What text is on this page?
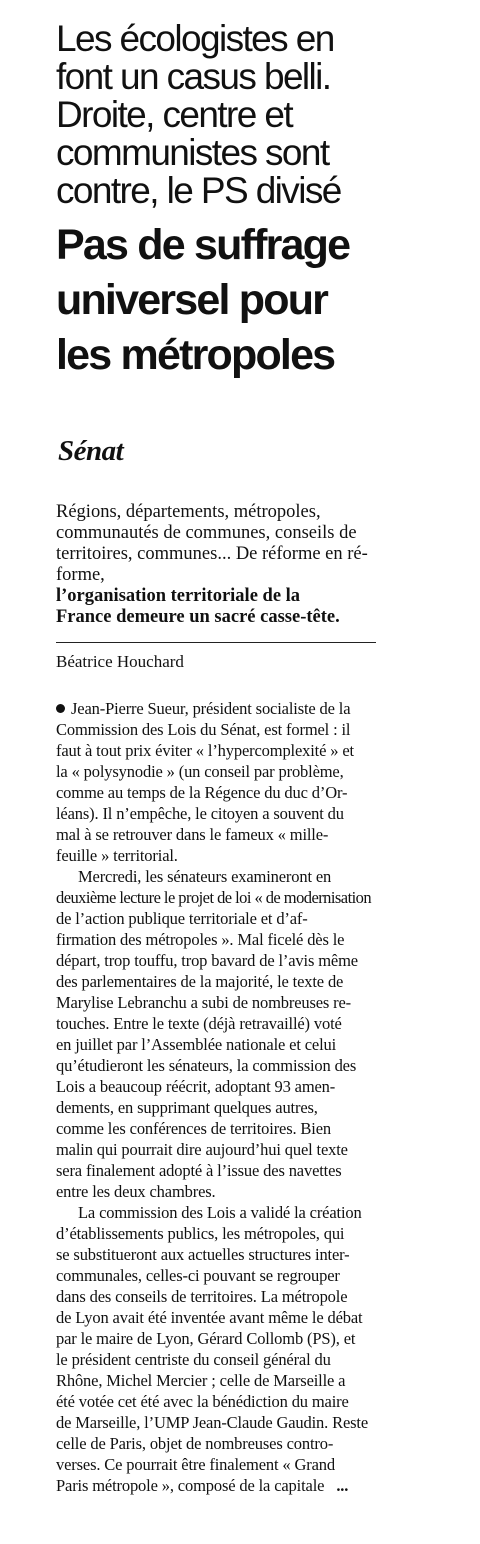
Les écologistes en
font un casus belli.
Droite, centre et
communistes sont
contre, le PS divisé
Pas de suffrage
universel pour
les métropoles
Sénat
Régions, départements, métropoles,
communautés de communes, conseils de
territoires, communes... De réforme en ré-
forme,
l’organisation territoriale de la
France demeure un sacré casse-tête.
Béatrice Houchard
Jean-Pierre Sueur, président socialiste de la
Commission des Lois du Sénat, est formel : il
faut à tout prix éviter « l’hypercomplexité » et
la « polysynodie » (un conseil par problème,
comme au temps de la Régence du duc d’Or-
léans). Il n’empêche, le citoyen a souvent du
mal à se retrouver dans le fameux « mille-
feuille » territorial.
Mercredi, les sénateurs examineront en
deuxième lecture le projet de loi « de modernisation
de l’action publique territoriale et d’af-
firmation des métropoles ». Mal ficelé dès le
départ, trop touffu, trop bavard de l’avis même
des parlementaires de la majorité, le texte de
Marylise Lebranchu a subi de nombreuses re-
touches. Entre le texte (déjà retravaillé) voté
en juillet par l’Assemblée nationale et celui
qu’étudieront les sénateurs, la commission des
Lois a beaucoup réécrit, adoptant 93 amen-
dements, en supprimant quelques autres,
comme les conférences de territoires. Bien
malin qui pourrait dire aujourd’hui quel texte
sera finalement adopté à l’issue des navettes
entre les deux chambres.
La commission des Lois a validé la création
d’établissements publics, les métropoles, qui
se substitueront aux actuelles structures inter-
communales, celles-ci pouvant se regrouper
dans des conseils de territoires. La métropole
de Lyon avait été inventée avant même le débat
par le maire de Lyon, Gérard Collomb (PS), et
le président centriste du conseil général du
Rhône, Michel Mercier ; celle de Marseille a
été votée cet été avec la bénédiction du maire
de Marseille, l’UMP Jean-Claude Gaudin. Reste
celle de Paris, objet de nombreuses contro-
verses. Ce pourrait être finalement « Grand
Paris métropole », composé de la capitale ...
